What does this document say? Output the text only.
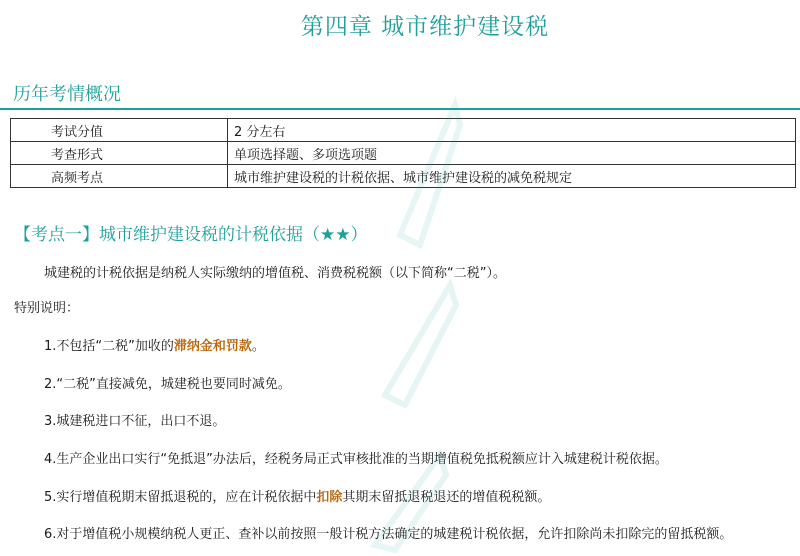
第四章 城市维护建设税
历年考情概况
考试分值	2 分左右
考查形式	单项选择题、多项选项题
高频考点	城市维护建设税的计税依据、城市维护建设税的减免税规定
【考点一】城市维护建设税的计税依据（★★）
城建税的计税依据是纳税人实际缴纳的增值税、消费税税额（以下简称“二税”）。
特别说明：
1.不包括“二税”加收的滞纳金和罚款。
2.“二税”直接减免，城建税也要同时减免。
3.城建税进口不征，出口不退。
4.生产企业出口实行“免抵退”办法后，经税务局正式审核批准的当期增值税免抵税额应计入城建税计税依据。
5.实行增值税期末留抵退税的，应在计税依据中扣除其期末留抵退税退还的增值税税额。
6.对于增值税小规模纳税人更正、查补以前按照一般计税方法确定的城建税计税依据，允许扣除尚未扣除完的留抵税额。
